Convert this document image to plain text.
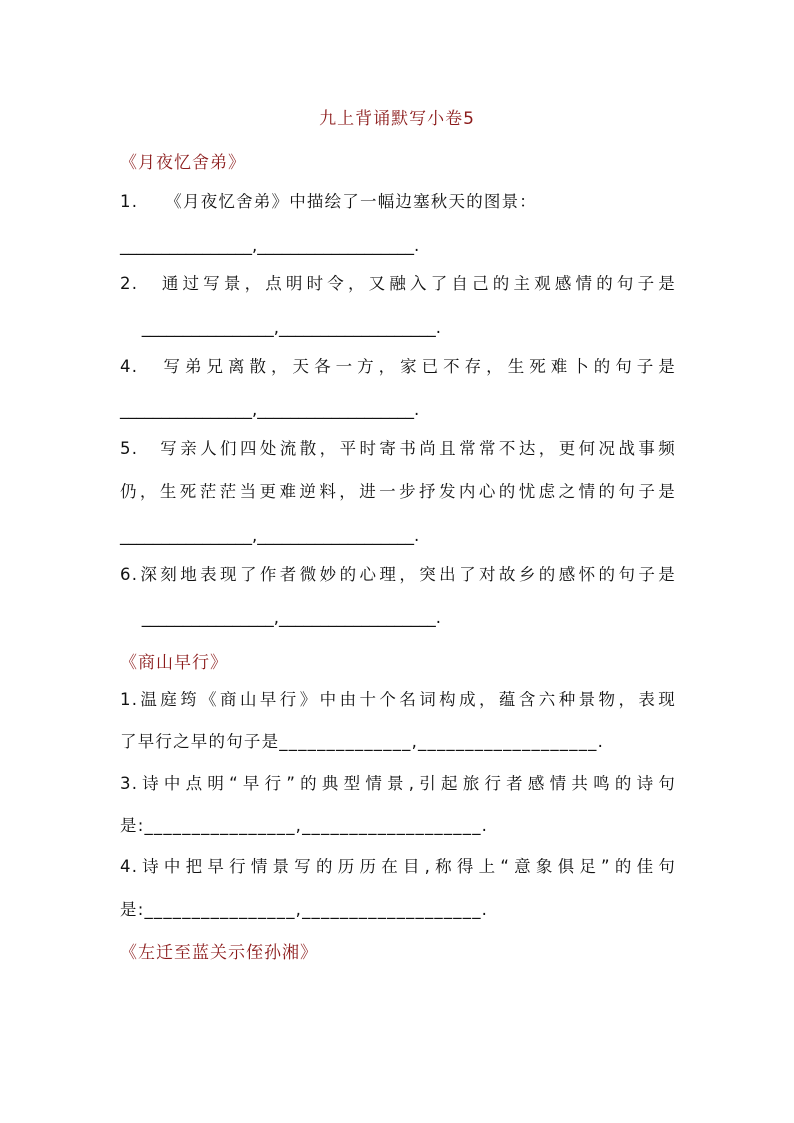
九上背诵默写小卷5
《月夜忆舍弟》
1.　　《月夜忆舍弟》中描绘了一幅边塞秋天的图景：
________________,___________________.
2.　通过写景，点明时令，又融入了自己的主观感情的句子是
　 ________________,___________________.
4.　写弟兄离散，天各一方，家已不存，生死难卜的句子是
________________,___________________.
5.　写亲人们四处流散，平时寄书尚且常常不达，更何况战事频
仍，生死茫茫当更难逆料，进一步抒发内心的忧虑之情的句子是
________________,___________________.
6.深刻地表现了作者微妙的心理，突出了对故乡的感怀的句子是
　 ________________,___________________.
《商山早行》
1.温庭筠《商山早行》中由十个名词构成，蕴含六种景物，表现
了早行之早的句子是______________,___________________.
3.诗中点明“早行”的典型情景,引起旅行者感情共鸣的诗句
是:________________,___________________.
4.诗中把早行情景写的历历在目,称得上“意象俱足”的佳句
是:________________,___________________.
《左迁至蓝关示侄孙湘》
